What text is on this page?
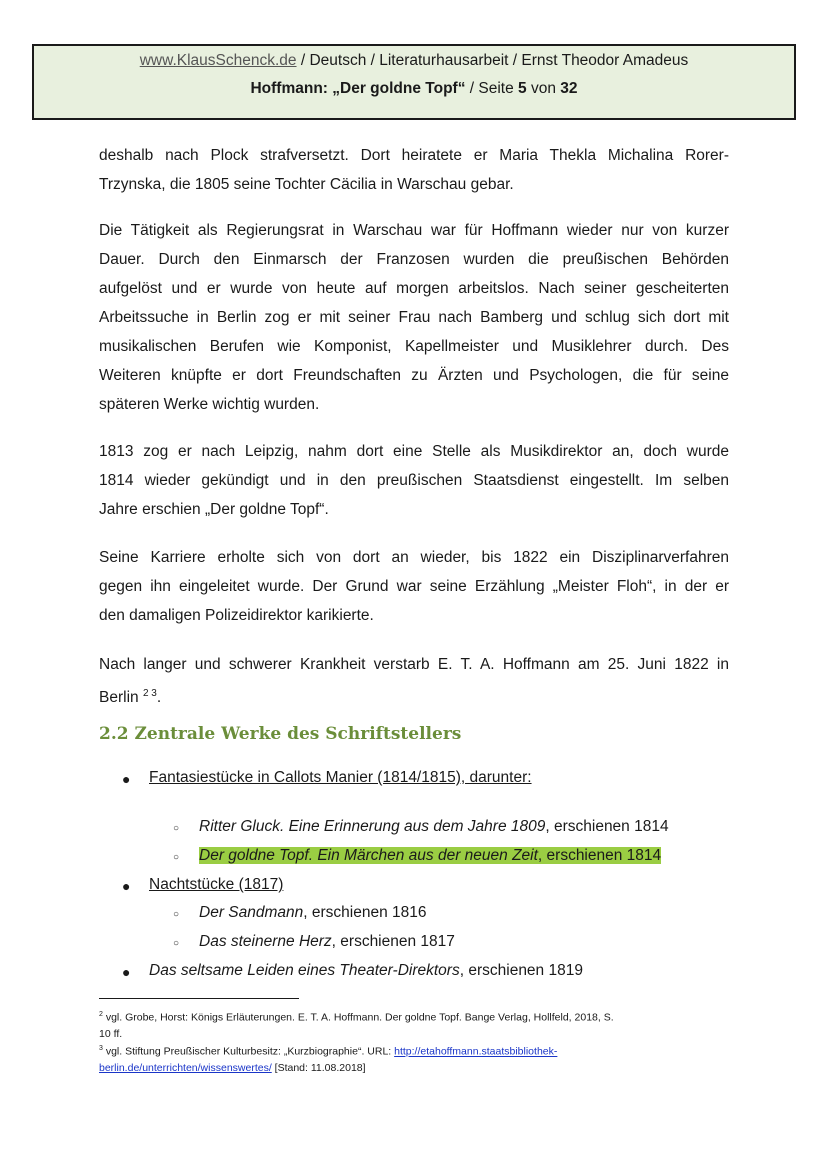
www.KlausSchenck.de / Deutsch / Literaturhausarbeit / Ernst Theodor Amadeus
Hoffmann: „Der goldne Topf“ / Seite 5 von 32
deshalb nach Plock strafversetzt. Dort heiratete er Maria Thekla Michalina Rorer-
Trzynska, die 1805 seine Tochter Cäcilia in Warschau gebar.
Die Tätigkeit als Regierungsrat in Warschau war für Hoffmann wieder nur von kurzer
Dauer. Durch den Einmarsch der Franzosen wurden die preußischen Behörden
aufgelöst und er wurde von heute auf morgen arbeitslos. Nach seiner gescheiterten
Arbeitssuche in Berlin zog er mit seiner Frau nach Bamberg und schlug sich dort mit
musikalischen Berufen wie Komponist, Kapellmeister und Musiklehrer durch. Des
Weiteren knüpfte er dort Freundschaften zu Ärzten und Psychologen, die für seine
späteren Werke wichtig wurden.
1813 zog er nach Leipzig, nahm dort eine Stelle als Musikdirektor an, doch wurde
1814 wieder gekündigt und in den preußischen Staatsdienst eingestellt. Im selben
Jahre erschien „Der goldne Topf“.
Seine Karriere erholte sich von dort an wieder, bis 1822 ein Disziplinarverfahren
gegen ihn eingeleitet wurde. Der Grund war seine Erzählung „Meister Floh“, in der er
den damaligen Polizeidirektor karikierte.
Nach langer und schwerer Krankheit verstarb E. T. A. Hoffmann am 25. Juni 1822 in
Berlin $^{2 3}$.
2.2 Zentrale Werke des Schriftstellers
● Fantasiestücke in Callots Manier (1814/1815), darunter:
○ Ritter Gluck. Eine Erinnerung aus dem Jahre 1809, erschienen 1814
○ Der goldne Topf. Ein Märchen aus der neuen Zeit, erschienen 1814
● Nachtstücke (1817)
○ Der Sandmann, erschienen 1816
○ Das steinerne Herz, erschienen 1817
● Das seltsame Leiden eines Theater-Direktors, erschienen 1819
$^2$ vgl. Grobe, Horst: Königs Erläuterungen. E. T. A. Hoffmann. Der goldne Topf. Bange Verlag, Hollfeld, 2018, S.
10 ff.
$^3$ vgl. Stiftung Preußischer Kulturbesitz: „Kurzbiographie“. URL: http://etahoffmann.staatsbibliothek-
berlin.de/unterrichten/wissenswertes/ [Stand: 11.08.2018]
